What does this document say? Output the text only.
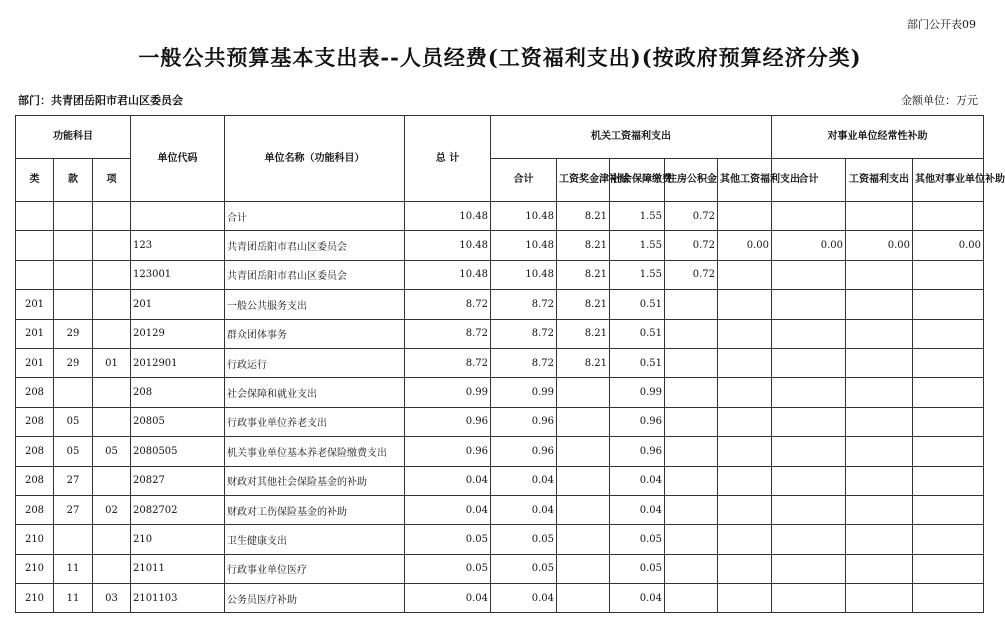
部门公开表09
一般公共预算基本支出表--人员经费(工资福利支出)(按政府预算经济分类)
部门：共青团岳阳市君山区委员会	金额单位：万元
功能科目			单位代码	单位名称（功能科目）	总 计	机关工资福利支出					对事业单位经常性补助		
类	款	项				合计	工资奖金津补贴	社会保障缴费	住房公积金	其他工资福利支出	合计	工资福利支出	其他对事业单位补助
				合计	10.48	10.48	8.21	1.55	0.72				
			123	共青团岳阳市君山区委员会	10.48	10.48	8.21	1.55	0.72	0.00	0.00	0.00	0.00
			123001	共青团岳阳市君山区委员会	10.48	10.48	8.21	1.55	0.72				
201			201	一般公共服务支出	8.72	8.72	8.21	0.51					
201	29		20129	群众团体事务	8.72	8.72	8.21	0.51					
201	29	01	2012901	行政运行	8.72	8.72	8.21	0.51					
208			208	社会保障和就业支出	0.99	0.99		0.99					
208	05		20805	行政事业单位养老支出	0.96	0.96		0.96					
208	05	05	2080505	机关事业单位基本养老保险缴费支出	0.96	0.96		0.96					
208	27		20827	财政对其他社会保险基金的补助	0.04	0.04		0.04					
208	27	02	2082702	财政对工伤保险基金的补助	0.04	0.04		0.04					
210			210	卫生健康支出	0.05	0.05		0.05					
210	11		21011	行政事业单位医疗	0.05	0.05		0.05					
210	11	03	2101103	公务员医疗补助	0.04	0.04		0.04					
